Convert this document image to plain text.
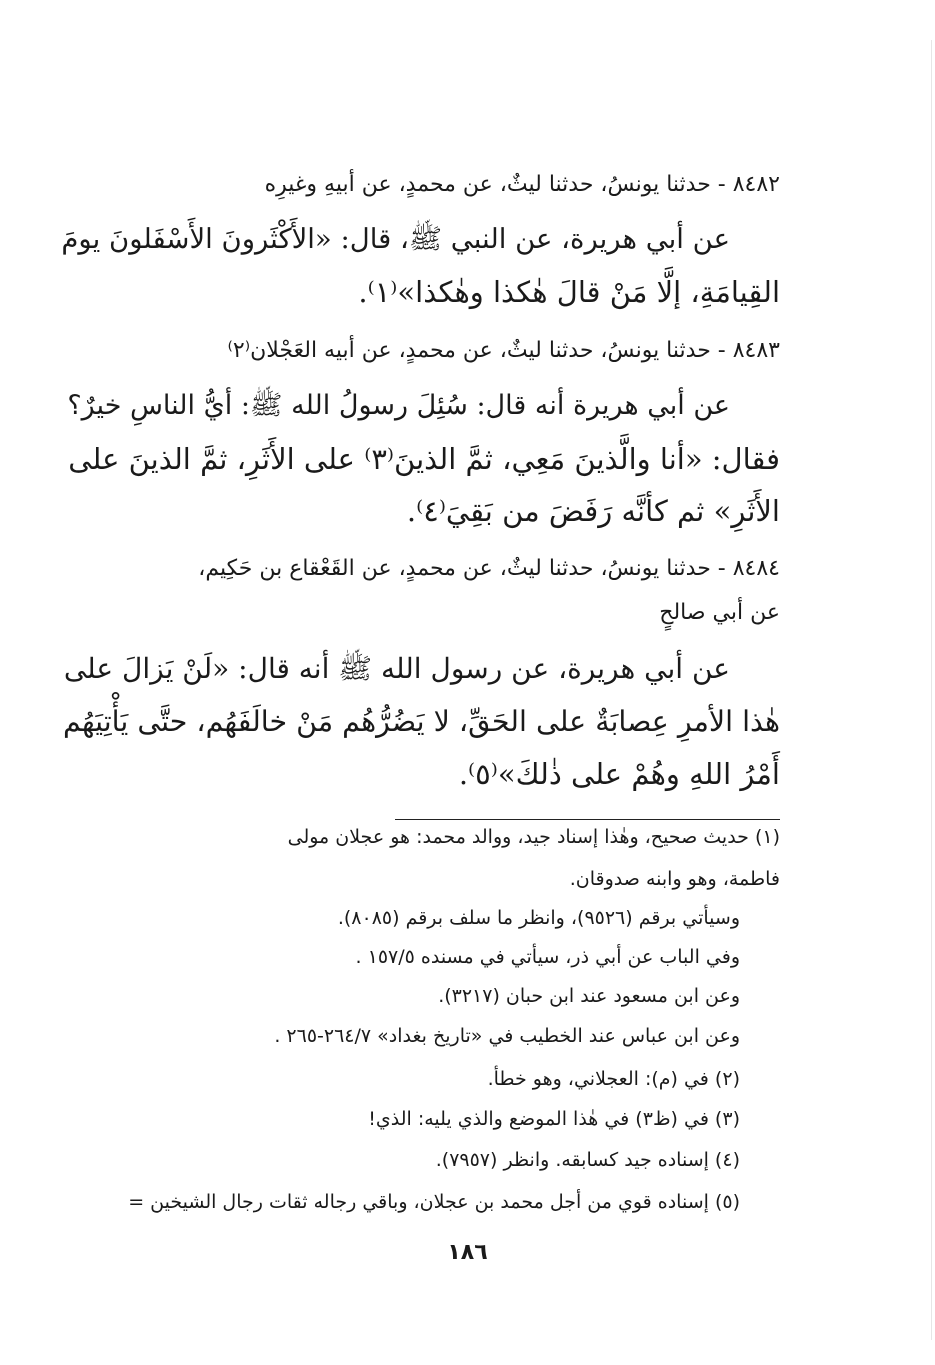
٨٤٨٢ - حدثنا يونسُ، حدثنا ليثٌ، عن محمدٍ، عن أبيهِ وغيرِه
عن أبي هريرة، عن النبي ﷺ، قال: «الأَكْثَرونَ الأَسْفَلونَ يومَ
القِيامَةِ، إلَّا مَنْ قالَ هٰكذا وهٰكذا»⁽١⁾.
٨٤٨٣ - حدثنا يونسُ، حدثنا ليثٌ، عن محمدٍ، عن أبيه العَجْلان⁽٢⁾
عن أبي هريرة أنه قال: سُئِلَ رسولُ الله ﷺ: أيُّ الناسِ خيرٌ؟
فقال: «أنا والَّذينَ مَعِي، ثمَّ الذينَ⁽٣⁾ على الأَثَرِ، ثمَّ الذينَ على
الأَثَرِ» ثم كأنَّه رَفَضَ من بَقِيَ⁽٤⁾.
٨٤٨٤ - حدثنا يونسُ، حدثنا ليثٌ، عن محمدٍ، عن القَعْقاع بن حَكِيم،
عن أبي صالحٍ
عن أبي هريرة، عن رسول الله ﷺ أنه قال: «لَنْ يَزالَ على
هٰذا الأمرِ عِصابَةٌ على الحَقِّ، لا يَضُرُّهُم مَنْ خالَفَهُم، حتَّى يَأْتِيَهُم
أَمْرُ اللهِ وهُمْ على ذٰلكَ»⁽٥⁾.
(١) حديث صحيح، وهٰذا إسناد جيد، ووالد محمد: هو عجلان مولى
فاطمة، وهو وابنه صدوقان.
وسيأتي برقم (٩٥٢٦)، وانظر ما سلف برقم (٨٠٨٥).
وفي الباب عن أبي ذر، سيأتي في مسنده ١٥٧/٥ .
وعن ابن مسعود عند ابن حبان (٣٢١٧).
وعن ابن عباس عند الخطيب في «تاريخ بغداد» ٢٦٤/٧-٢٦٥ .
(٢) في (م): العجلاني، وهو خطأ.
(٣) في (ظ٣) في هٰذا الموضع والذي يليه: الذي!
(٤) إسناده جيد كسابقه. وانظر (٧٩٥٧).
(٥) إسناده قوي من أجل محمد بن عجلان، وباقي رجاله ثقات رجال الشيخين =
١٨٦
